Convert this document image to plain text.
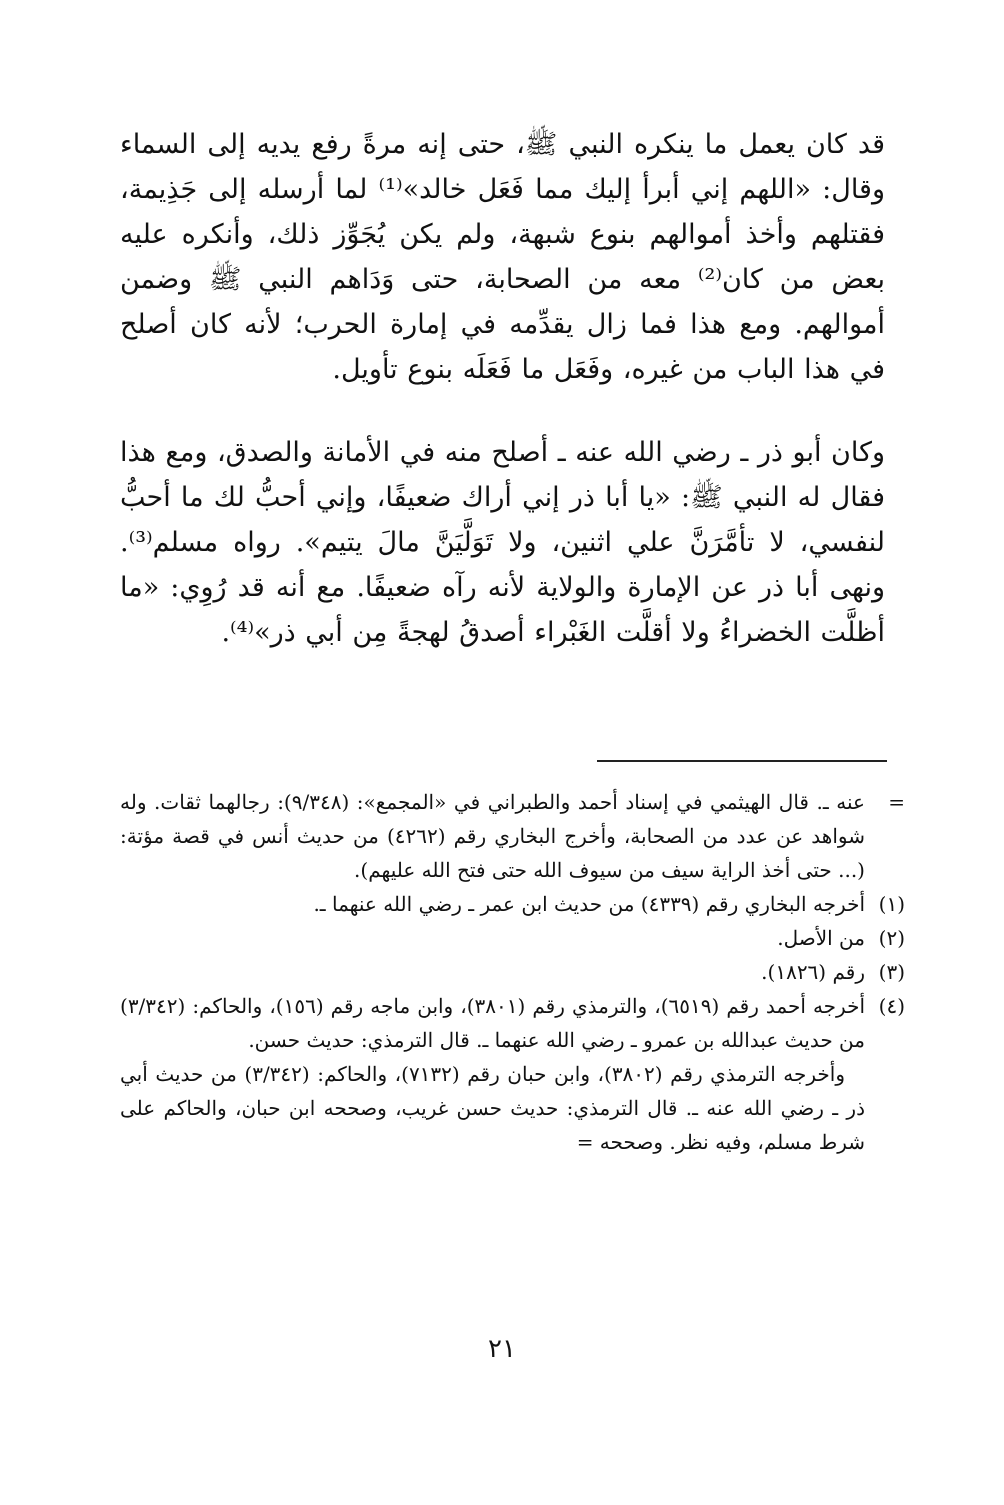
قد كان يعمل ما ينكره النبي ﷺ، حتى إنه مرةً رفع يديه إلى السماء وقال: «اللهم إني أبرأ إليك مما فَعَل خالد»⁽¹⁾ لما أرسله إلى جَذِيمة، فقتلهم وأخذ أموالهم بنوع شبهة، ولم يكن يُجَوِّز ذلك، وأنكره عليه بعض من كان⁽²⁾ معه من الصحابة، حتى وَدَاهم النبي ﷺ وضمن أموالهم. ومع هذا فما زال يقدِّمه في إمارة الحرب؛ لأنه كان أصلح في هذا الباب من غيره، وفَعَل ما فَعَلَه بنوع تأويل.

وكان أبو ذر ـ رضي الله عنه ـ أصلح منه في الأمانة والصدق، ومع هذا فقال له النبي ﷺ: «يا أبا ذر إني أراك ضعيفًا، وإني أحبُّ لك ما أحبُّ لنفسي، لا تأمَّرَنَّ علي اثنين، ولا تَوَلَّيَنَّ مالَ يتيم». رواه مسلم⁽³⁾. ونهى أبا ذر عن الإمارة والولاية لأنه رآه ضعيفًا. مع أنه قد رُوِي: «ما أظلَّت الخضراءُ ولا أقلَّت الغَبْراء أصدقُ لهجةً مِن أبي ذر»⁽⁴⁾.

=
عنه ـ. قال الهيثمي في إسناد أحمد والطبراني في «المجمع»: (٩/٣٤٨): رجالهما ثقات. وله شواهد عن عدد من الصحابة، وأخرج البخاري رقم (٤٢٦٢) من حديث أنس في قصة مؤتة: (... حتى أخذ الراية سيف من سيوف الله حتى فتح الله عليهم).
(١)
أخرجه البخاري رقم (٤٣٣٩) من حديث ابن عمر ـ رضي الله عنهما ـ.
(٢)
من الأصل.
(٣)
رقم (١٨٢٦).
(٤)
أخرجه أحمد رقم (٦٥١٩)، والترمذي رقم (٣٨٠١)، وابن ماجه رقم (١٥٦)، والحاكم: (٣/٣٤٢) من حديث عبدالله بن عمرو ـ رضي الله عنهما ـ. قال الترمذي: حديث حسن.
وأخرجه الترمذي رقم (٣٨٠٢)، وابن حبان رقم (٧١٣٢)، والحاكم: (٣/٣٤٢) من حديث أبي ذر ـ رضي الله عنه ـ. قال الترمذي: حديث حسن غريب، وصححه ابن حبان، والحاكم على شرط مسلم، وفيه نظر. وصححه =
٢١
